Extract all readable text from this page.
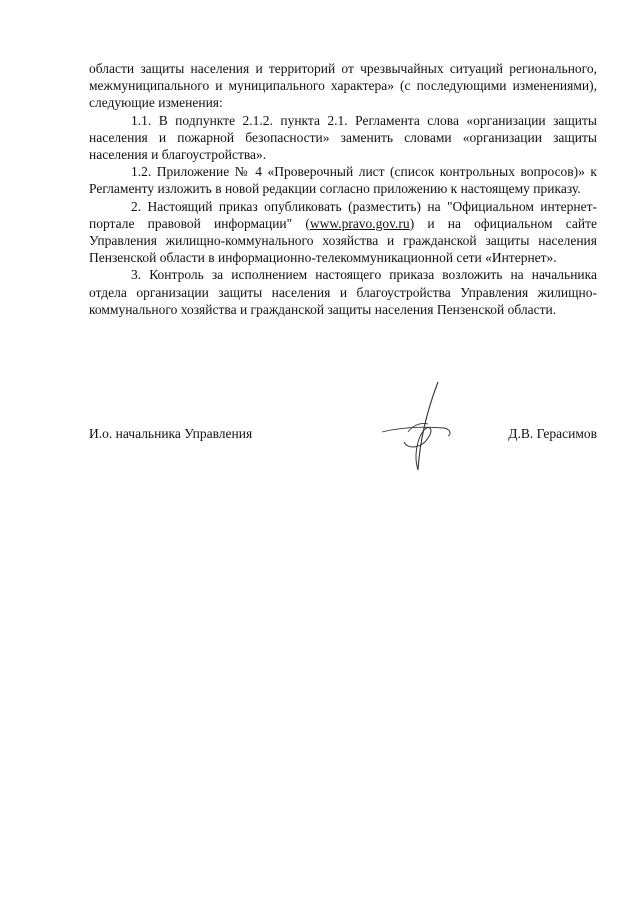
области защиты населения и территорий от чрезвычайных ситуаций регионального, межмуниципального и муниципального характера» (с последующими изменениями), следующие изменения:

1.1. В подпункте 2.1.2. пункта 2.1. Регламента слова «организации защиты населения и пожарной безопасности» заменить словами «организации защиты населения и благоустройства».

1.2. Приложение № 4 «Проверочный лист (список контрольных вопросов)» к Регламенту изложить в новой редакции согласно приложению к настоящему приказу.

2. Настоящий приказ опубликовать (разместить) на "Официальном интернет-портале правовой информации" (www.pravo.gov.ru) и на официальном сайте Управления жилищно-коммунального хозяйства и гражданской защиты населения Пензенской области в информационно-телекоммуникационной сети «Интернет».

3. Контроль за исполнением настоящего приказа возложить на начальника отдела организации защиты населения и благоустройства Управления жилищно-коммунального хозяйства и гражданской защиты населения Пензенской области.

И.о. начальника Управления	Д.В. Герасимов
